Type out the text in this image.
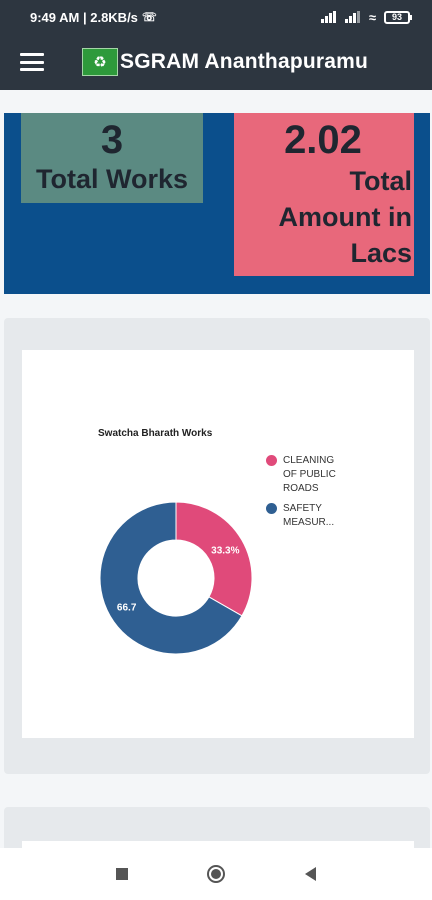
9:49 AM | 2.8KB/s ☏	≈	93
♻ SGRAM Ananthapuramu
3
Total Works
2.02
Total
Amount in
Lacs
Swatcha Bharath Works
CLEANING OF PUBLIC ROADS
SAFETY MEASUR...
33.3%
66.7
